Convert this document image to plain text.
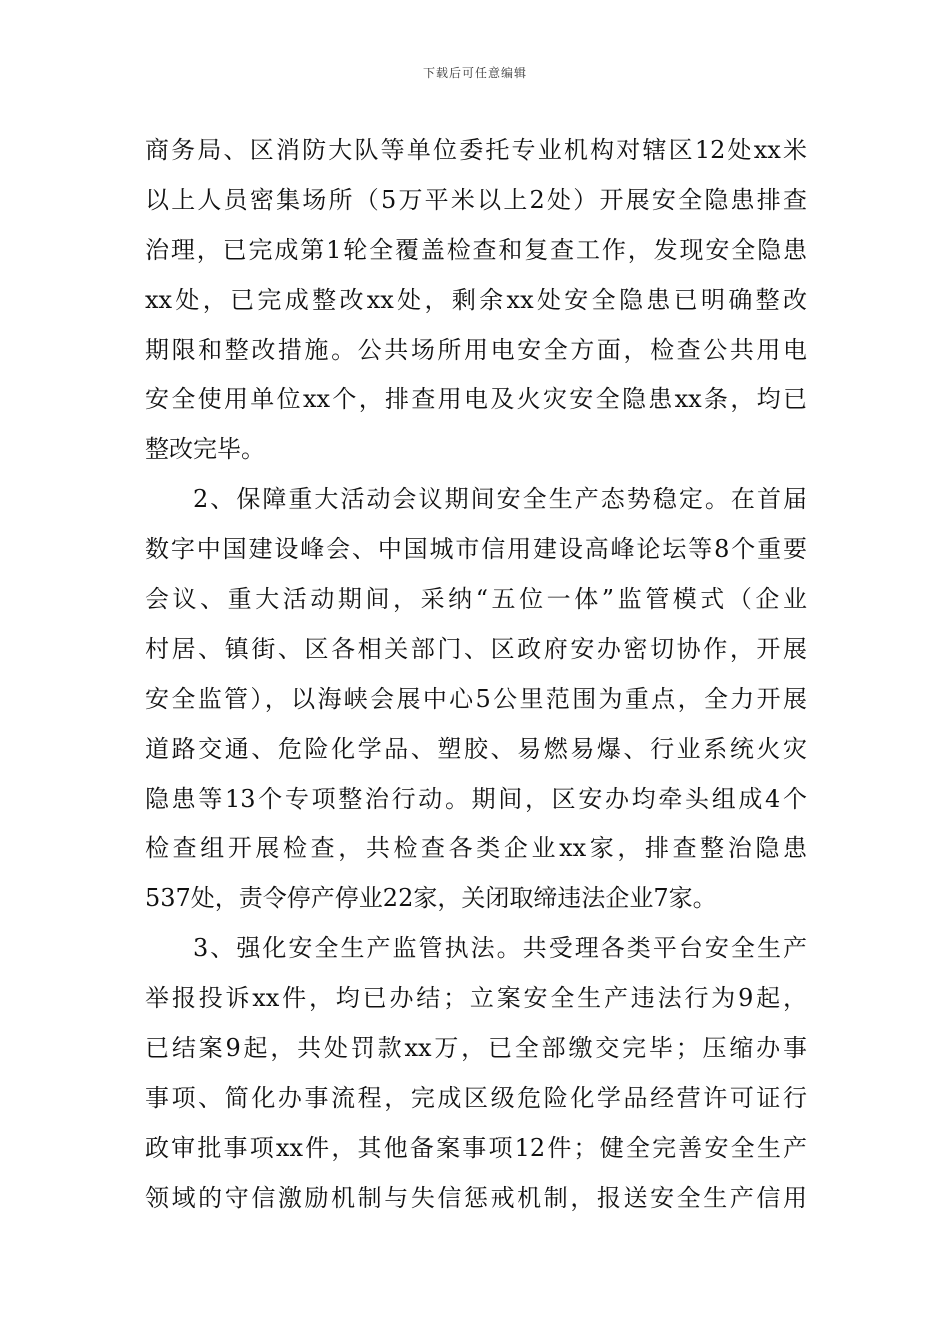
下载后可任意编辑
商务局、区消防大队等单位委托专业机构对辖区12处xx米
以上人员密集场所（5万平米以上2处）开展安全隐患排查
治理，已完成第1轮全覆盖检查和复查工作，发现安全隐患
xx处，已完成整改xx处，剩余xx处安全隐患已明确整改
期限和整改措施。公共场所用电安全方面，检查公共用电
安全使用单位xx个，排查用电及火灾安全隐患xx条，均已
整改完毕。
2、保障重大活动会议期间安全生产态势稳定。在首届
数字中国建设峰会、中国城市信用建设高峰论坛等8个重要
会议、重大活动期间，采纳“五位一体”监管模式（企业
村居、镇街、区各相关部门、区政府安办密切协作，开展
安全监管），以海峡会展中心5公里范围为重点，全力开展
道路交通、危险化学品、塑胶、易燃易爆、行业系统火灾
隐患等13个专项整治行动。期间，区安办均牵头组成4个
检查组开展检查，共检查各类企业xx家，排查整治隐患
537处，责令停产停业22家，关闭取缔违法企业7家。
3、强化安全生产监管执法。共受理各类平台安全生产
举报投诉xx件，均已办结；立案安全生产违法行为9起，
已结案9起，共处罚款xx万，已全部缴交完毕；压缩办事
事项、简化办事流程，完成区级危险化学品经营许可证行
政审批事项xx件，其他备案事项12件；健全完善安全生产
领域的守信激励机制与失信惩戒机制，报送安全生产信用
